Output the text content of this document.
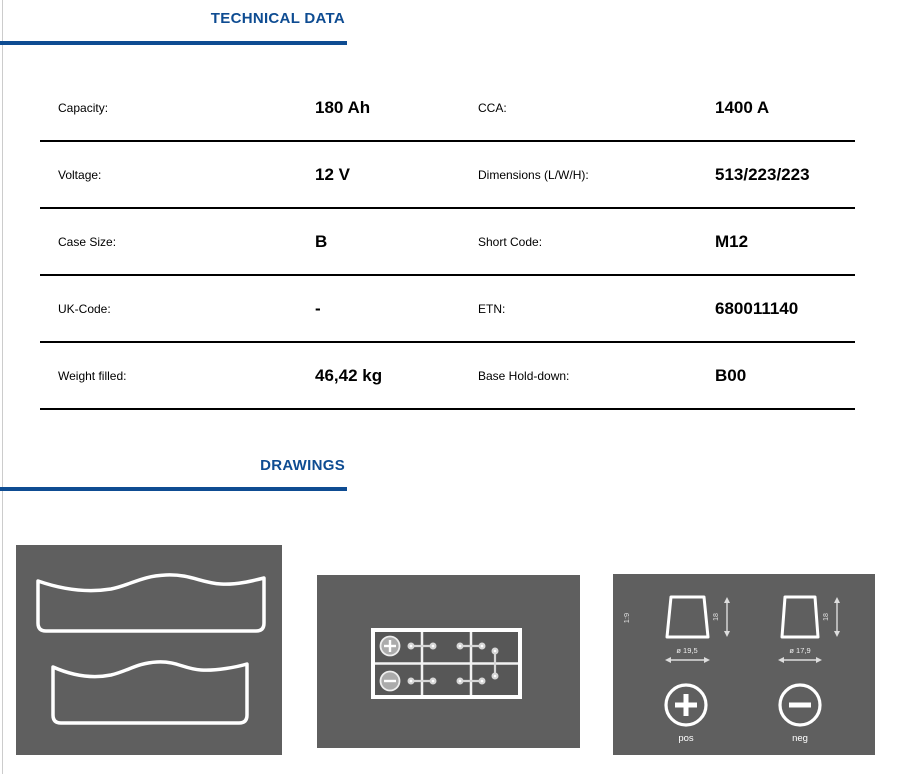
TECHNICAL DATA
Capacity:	180 Ah	CCA:	1400 A
Voltage:	12 V	Dimensions (L/W/H):	513/223/223
Case Size:	B	Short Code:	M12
UK-Code:	-	ETN:	680011140
Weight filled:	46,42 kg	Base Hold-down:	B00
DRAWINGS
1:9	18
ø 19,5
18
ø 17,9
pos	neg
